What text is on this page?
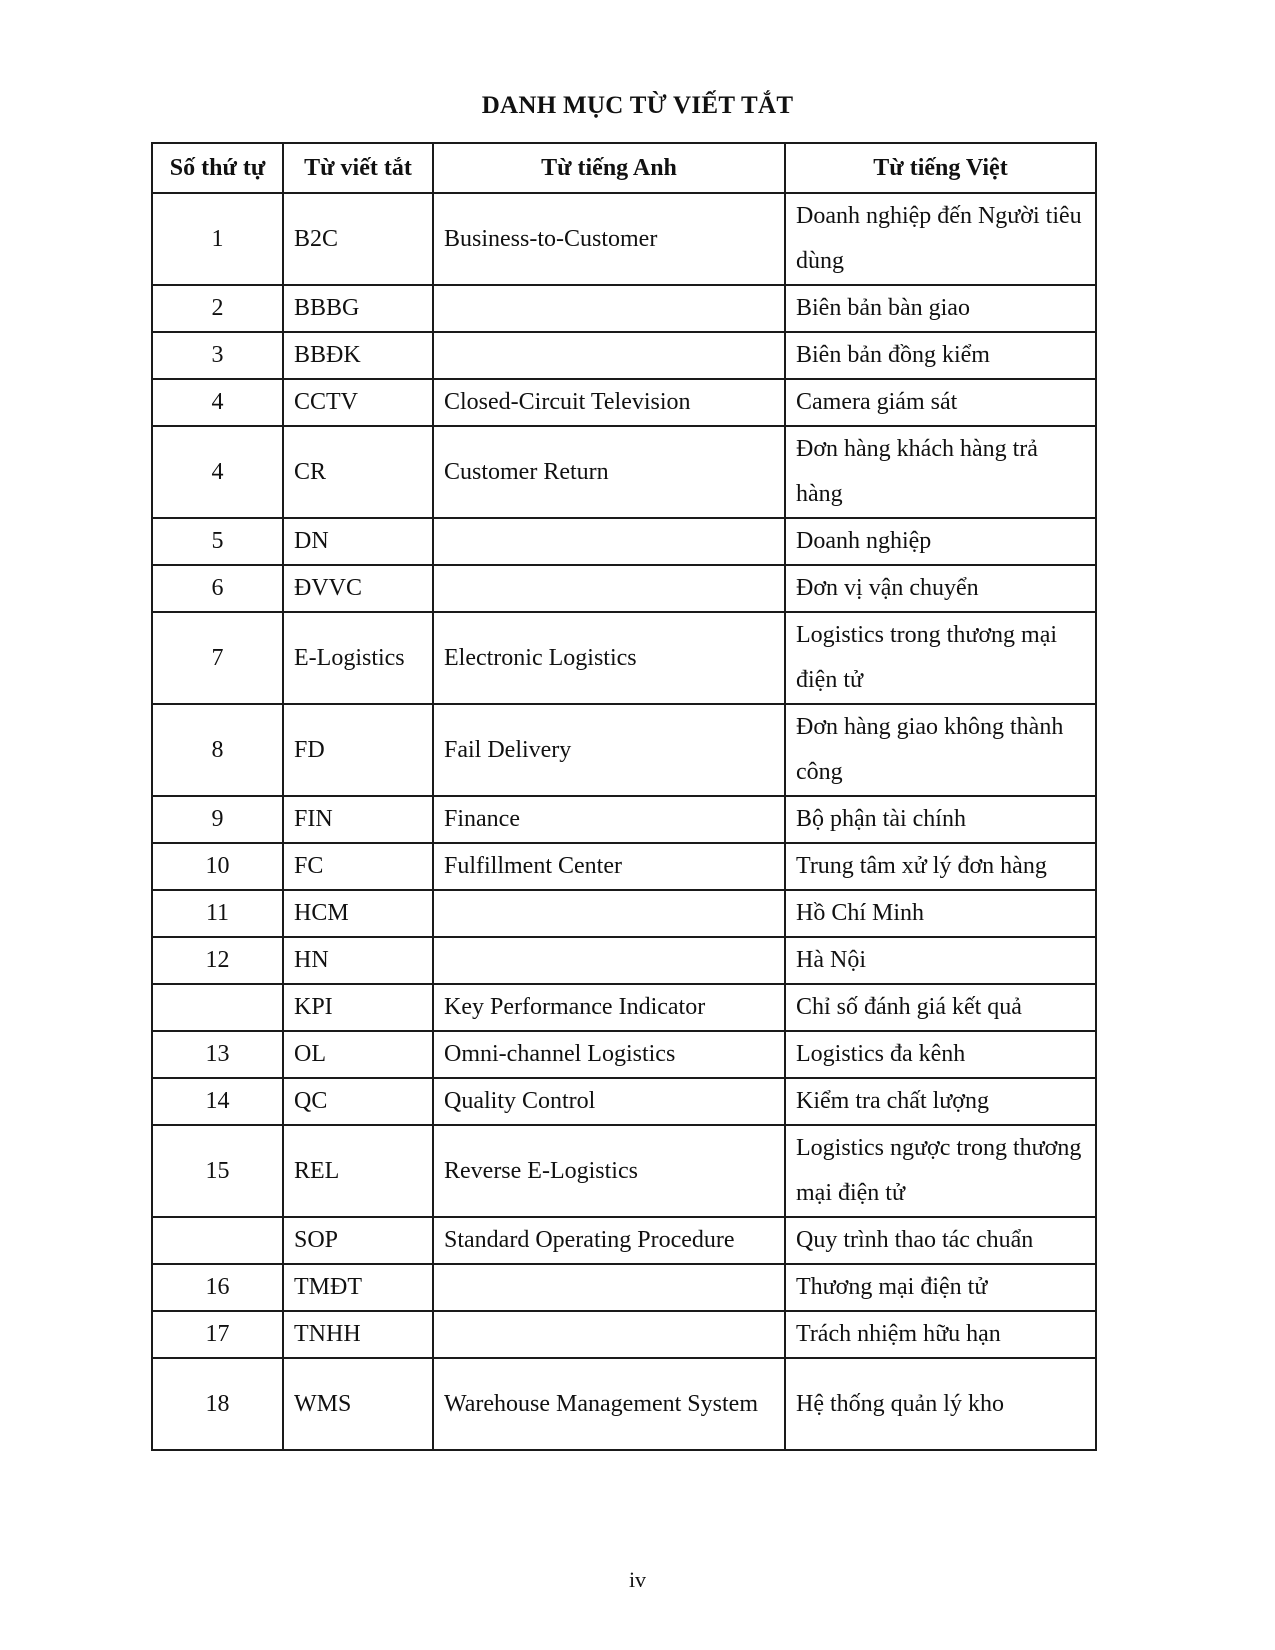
DANH MỤC TỪ VIẾT TẮT
Số thứ tự	Từ viết tắt	Từ tiếng Anh	Từ tiếng Việt
1	B2C	Business-to-Customer	Doanh nghiệp đến Người tiêu dùng
2	BBBG		Biên bản bàn giao
3	BBĐK		Biên bản đồng kiểm
4	CCTV	Closed-Circuit Television	Camera giám sát
4	CR	Customer Return	Đơn hàng khách hàng trả hàng
5	DN		Doanh nghiệp
6	ĐVVC		Đơn vị vận chuyển
7	E-Logistics	Electronic Logistics	Logistics trong thương mại điện tử
8	FD	Fail Delivery	Đơn hàng giao không thành công
9	FIN	Finance	Bộ phận tài chính
10	FC	Fulfillment Center	Trung tâm xử lý đơn hàng
11	HCM		Hồ Chí Minh
12	HN		Hà Nội
	KPI	Key Performance Indicator	Chỉ số đánh giá kết quả
13	OL	Omni-channel Logistics	Logistics đa kênh
14	QC	Quality Control	Kiểm tra chất lượng
15	REL	Reverse E-Logistics	Logistics ngược trong thương mại điện tử
	SOP	Standard Operating Procedure	Quy trình thao tác chuẩn
16	TMĐT		Thương mại điện tử
17	TNHH		Trách nhiệm hữu hạn
18	WMS	Warehouse Management System	Hệ thống quản lý kho
iv
